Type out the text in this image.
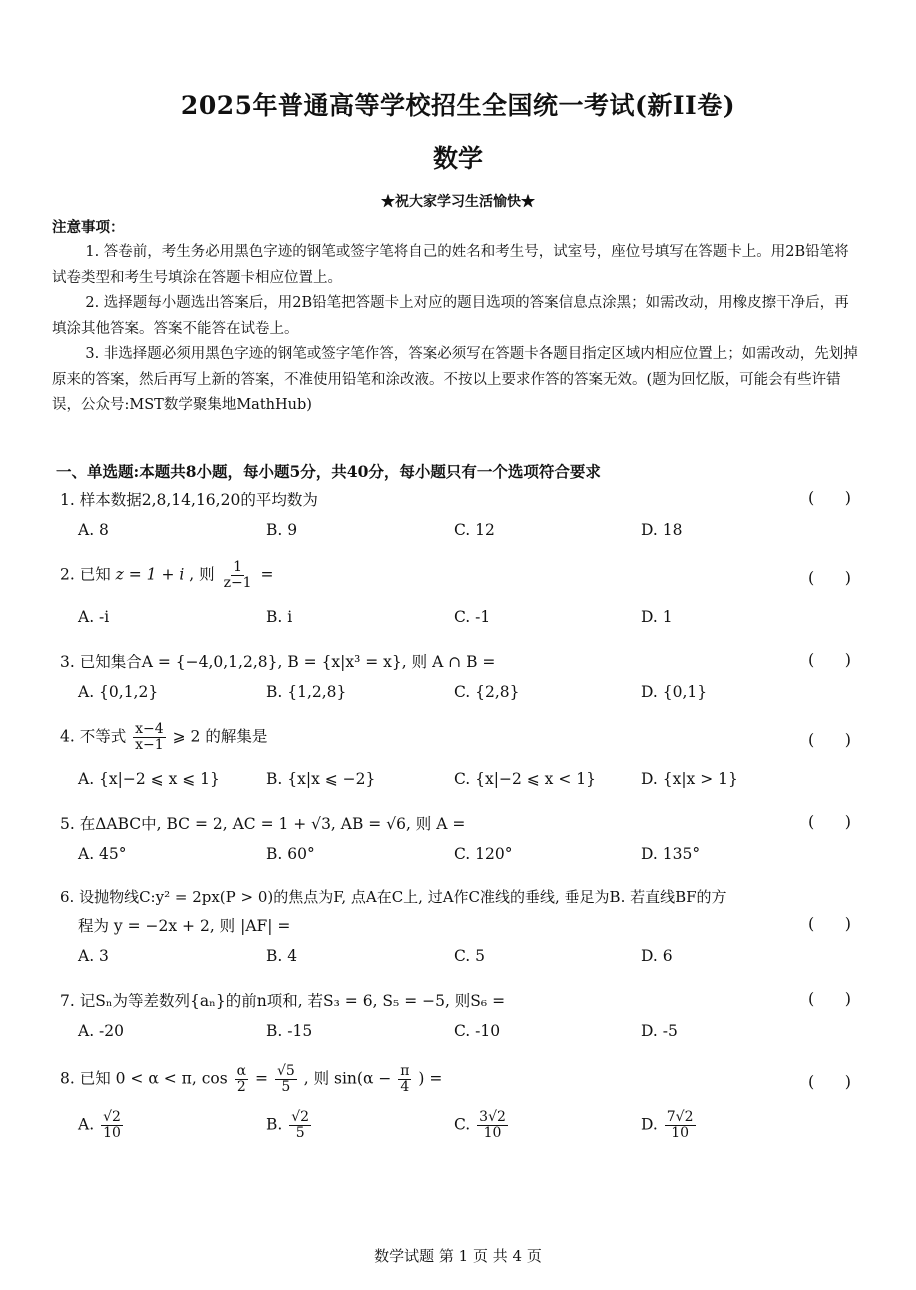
2025年普通高等学校招生全国统一考试(新II卷)
数学
★祝大家学习生活愉快★
注意事项：

1. 答卷前，考生务必用黑色字迹的钢笔或签字笔将自己的姓名和考生号，试室号，座位号填写在答题卡上。用2B铅笔将试卷类型和考生号填涂在答题卡相应位置上。

2. 选择题每小题选出答案后，用2B铅笔把答题卡上对应的题目选项的答案信息点涂黑；如需改动，用橡皮擦干净后，再填涂其他答案。答案不能答在试卷上。

3. 非选择题必须用黑色字迹的钢笔或签字笔作答，答案必须写在答题卡各题目指定区域内相应位置上；如需改动，先划掉原来的答案，然后再写上新的答案，不准使用铅笔和涂改液。不按以上要求作答的答案无效。(题为回忆版，可能会有些许错误，公众号:MST数学聚集地MathHub)

一、单选题:本题共8小题，每小题5分，共40分，每小题只有一个选项符合要求
1. 样本数据2,8,14,16,20的平均数为	(      )
A. 8	B. 9	C. 12	D. 18
2. 已知 z = 1 + i , 则 $\frac{1}{z-1}$ =	(      )
A. -i	B. i	C. -1	D. 1
3. 已知集合A = {−4,0,1,2,8}, B = {x|x³ = x}, 则 A ∩ B =	(      )
A. {0,1,2}	B. {1,2,8}	C. {2,8}	D. {0,1}
4. 不等式 $\frac{x-4}{x-1}$ ⩾ 2 的解集是	(      )
A. {x|−2 ⩽ x ⩽ 1}	B. {x|x ⩽ −2}	C. {x|−2 ⩽ x < 1}	D. {x|x > 1}
5. 在ΔABC中, BC = 2, AC = 1 + √3, AB = √6, 则 A =	(      )
A. 45°	B. 60°	C. 120°	D. 135°
6. 设抛物线C:y² = 2px(P > 0)的焦点为F, 点A在C上, 过A作C准线的垂线, 垂足为B. 若直线BF的方
程为 y = −2x + 2, 则 |AF| =	(      )
A. 3	B. 4	C. 5	D. 6
7. 记Sₙ为等差数列{aₙ}的前n项和, 若S₃ = 6, S₅ = −5, 则S₆ =	(      )
A. -20	B. -15	C. -10	D. -5
8. 已知 0 < α < π, $\cos \frac{\alpha}{2} = \frac{√5}{5}$ , 则 $\sin(\alpha - \frac{\pi}{4}$ ) =	(      )
A. $\frac{√2}{10}$	B. $\frac{√2}{5}$	C. $\frac{3√2}{10}$	D. $\frac{7√2}{10}$
数学试题 第 1 页 共 4 页
